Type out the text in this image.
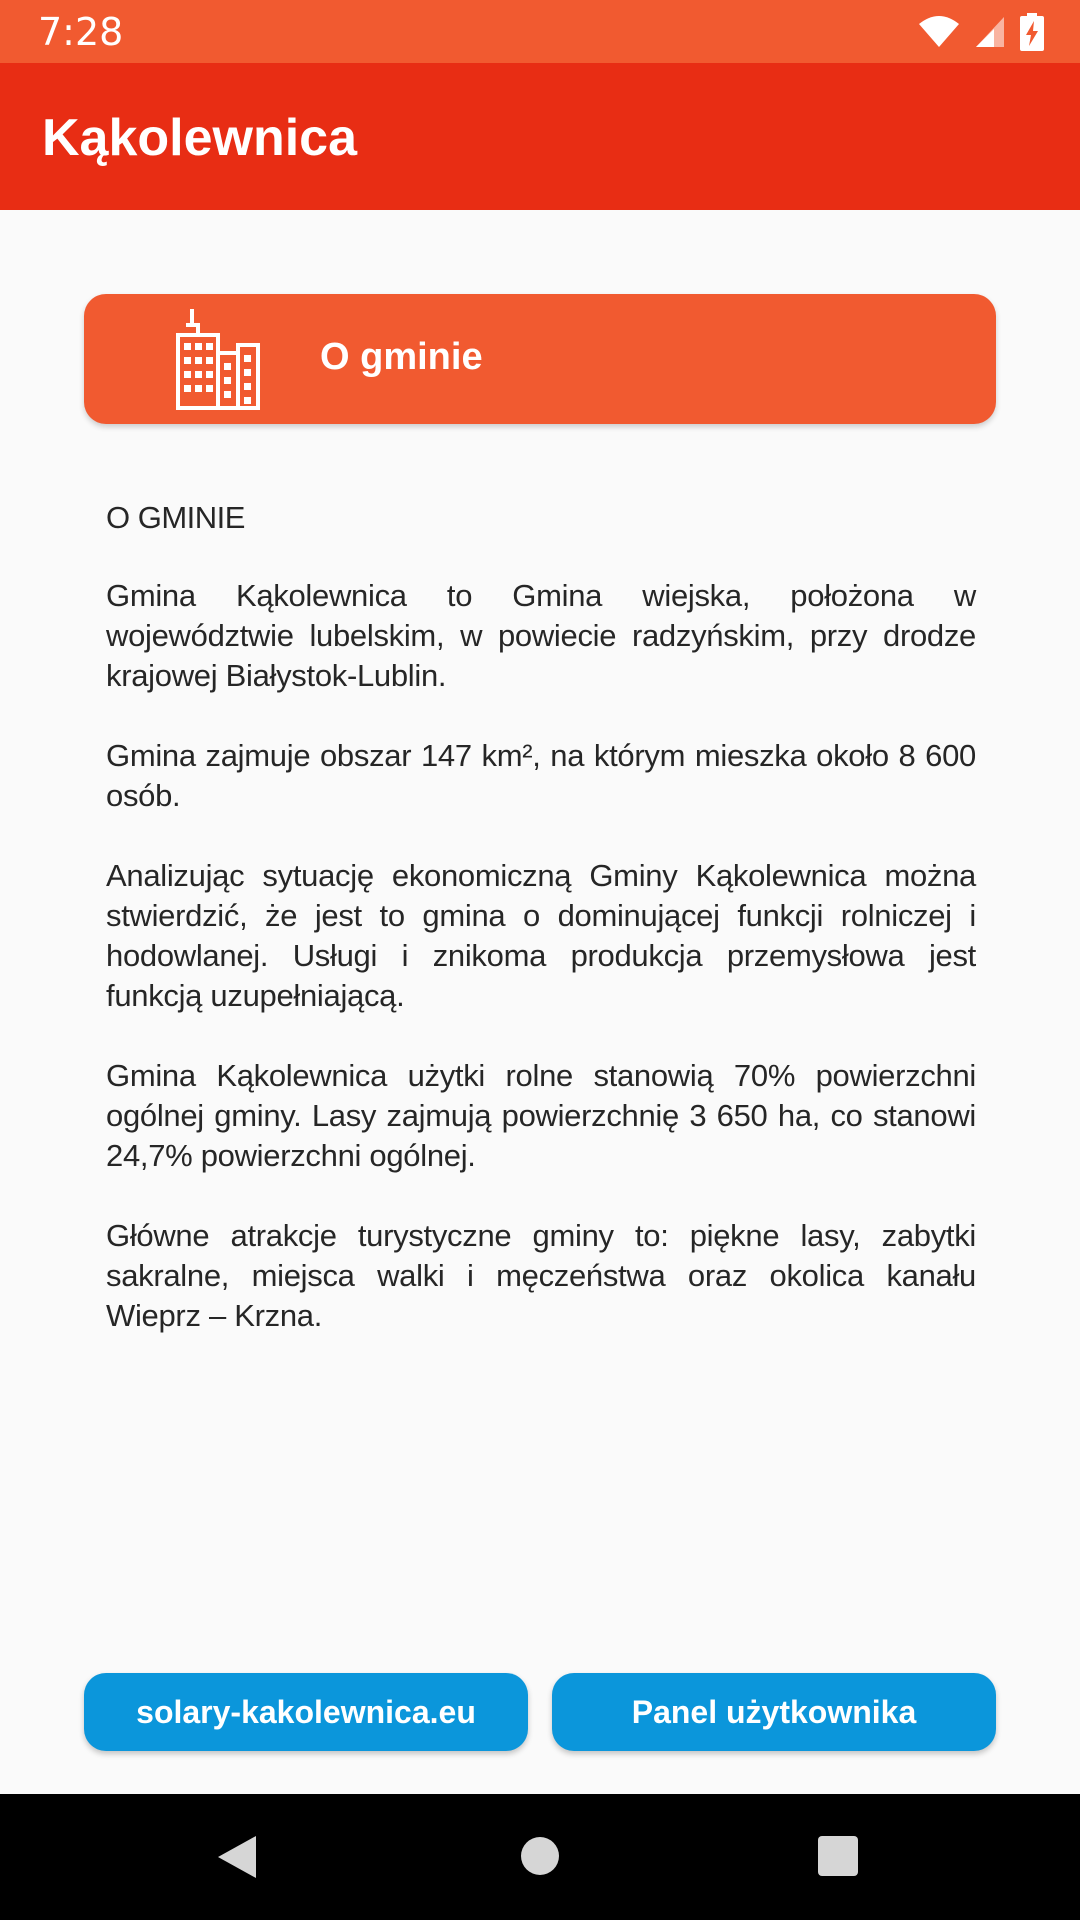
7:28
Kąkolewnica
O gminie
O GMINIE

Gmina Kąkolewnica to Gmina wiejska, położona w województwie lubelskim, w powiecie radzyńskim, przy drodze krajowej Białystok-Lublin.

Gmina zajmuje obszar 147 km², na którym mieszka około 8 600 osób.

Analizując sytuację ekonomiczną Gminy Kąkolewnica można stwierdzić, że jest to gmina o dominującej funkcji rolniczej i hodowlanej. Usługi i znikoma produkcja przemysłowa jest funkcją uzupełniającą.

Gmina Kąkolewnica użytki rolne stanowią 70% powierzchni ogólnej gminy. Lasy zajmują powierzchnię 3 650 ha, co stanowi 24,7% powierzchni ogólnej.

Główne atrakcje turystyczne gminy to: piękne lasy, zabytki sakralne, miejsca walki i męczeństwa oraz okolica kanału Wieprz – Krzna.

solary-kakolewnica.eu	Panel użytkownika
